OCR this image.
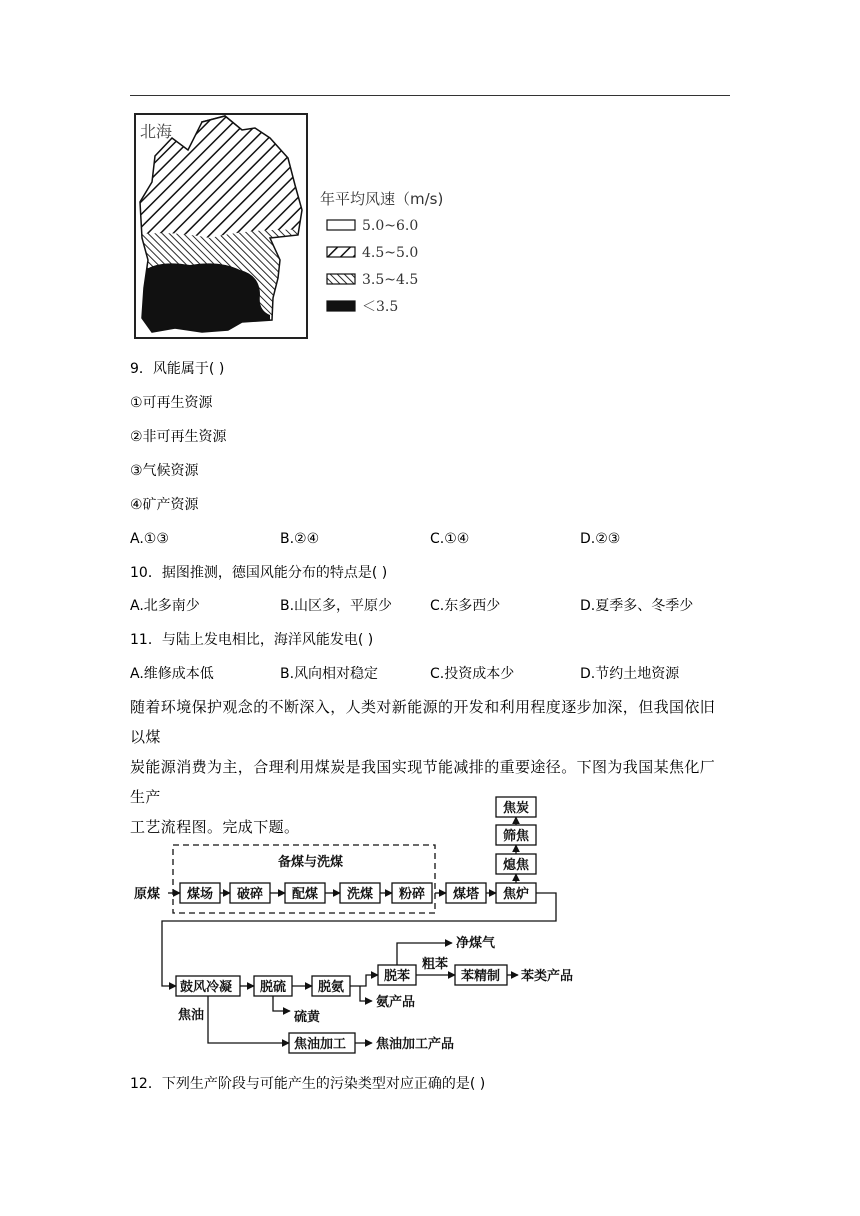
北海
年平均风速（m/s)
5.0~6.0
4.5~5.0
3.5~4.5
＜3.5
9．风能属于( )
①可再生资源
②非可再生资源
③气候资源
④矿产资源
A.①③	B.②④	C.①④	D.②③
10．据图推测，德国风能分布的特点是( )
A.北多南少	B.山区多，平原少	C.东多西少	D.夏季多、冬季少
11．与陆上发电相比，海洋风能发电( )
A.维修成本低	B.风向相对稳定	C.投资成本少	D.节约土地资源
随着环境保护观念的不断深入，人类对新能源的开发和利用程度逐步加深，但我国依旧以煤
炭能源消费为主，合理利用煤炭是我国实现节能减排的重要途径。下图为我国某焦化厂生产
工艺流程图。完成下题。
备煤与洗煤
原煤 煤场 破碎 配煤 洗煤 粉碎 煤塔 焦炉
熄焦
筛焦
焦炭
鼓风冷凝 脱硫
硫黄
脱氨
氨产品
脱苯
净煤气
粗苯
苯精制 苯类产品
焦油
焦油加工 焦油加工产品
12．下列生产阶段与可能产生的污染类型对应正确的是( )
